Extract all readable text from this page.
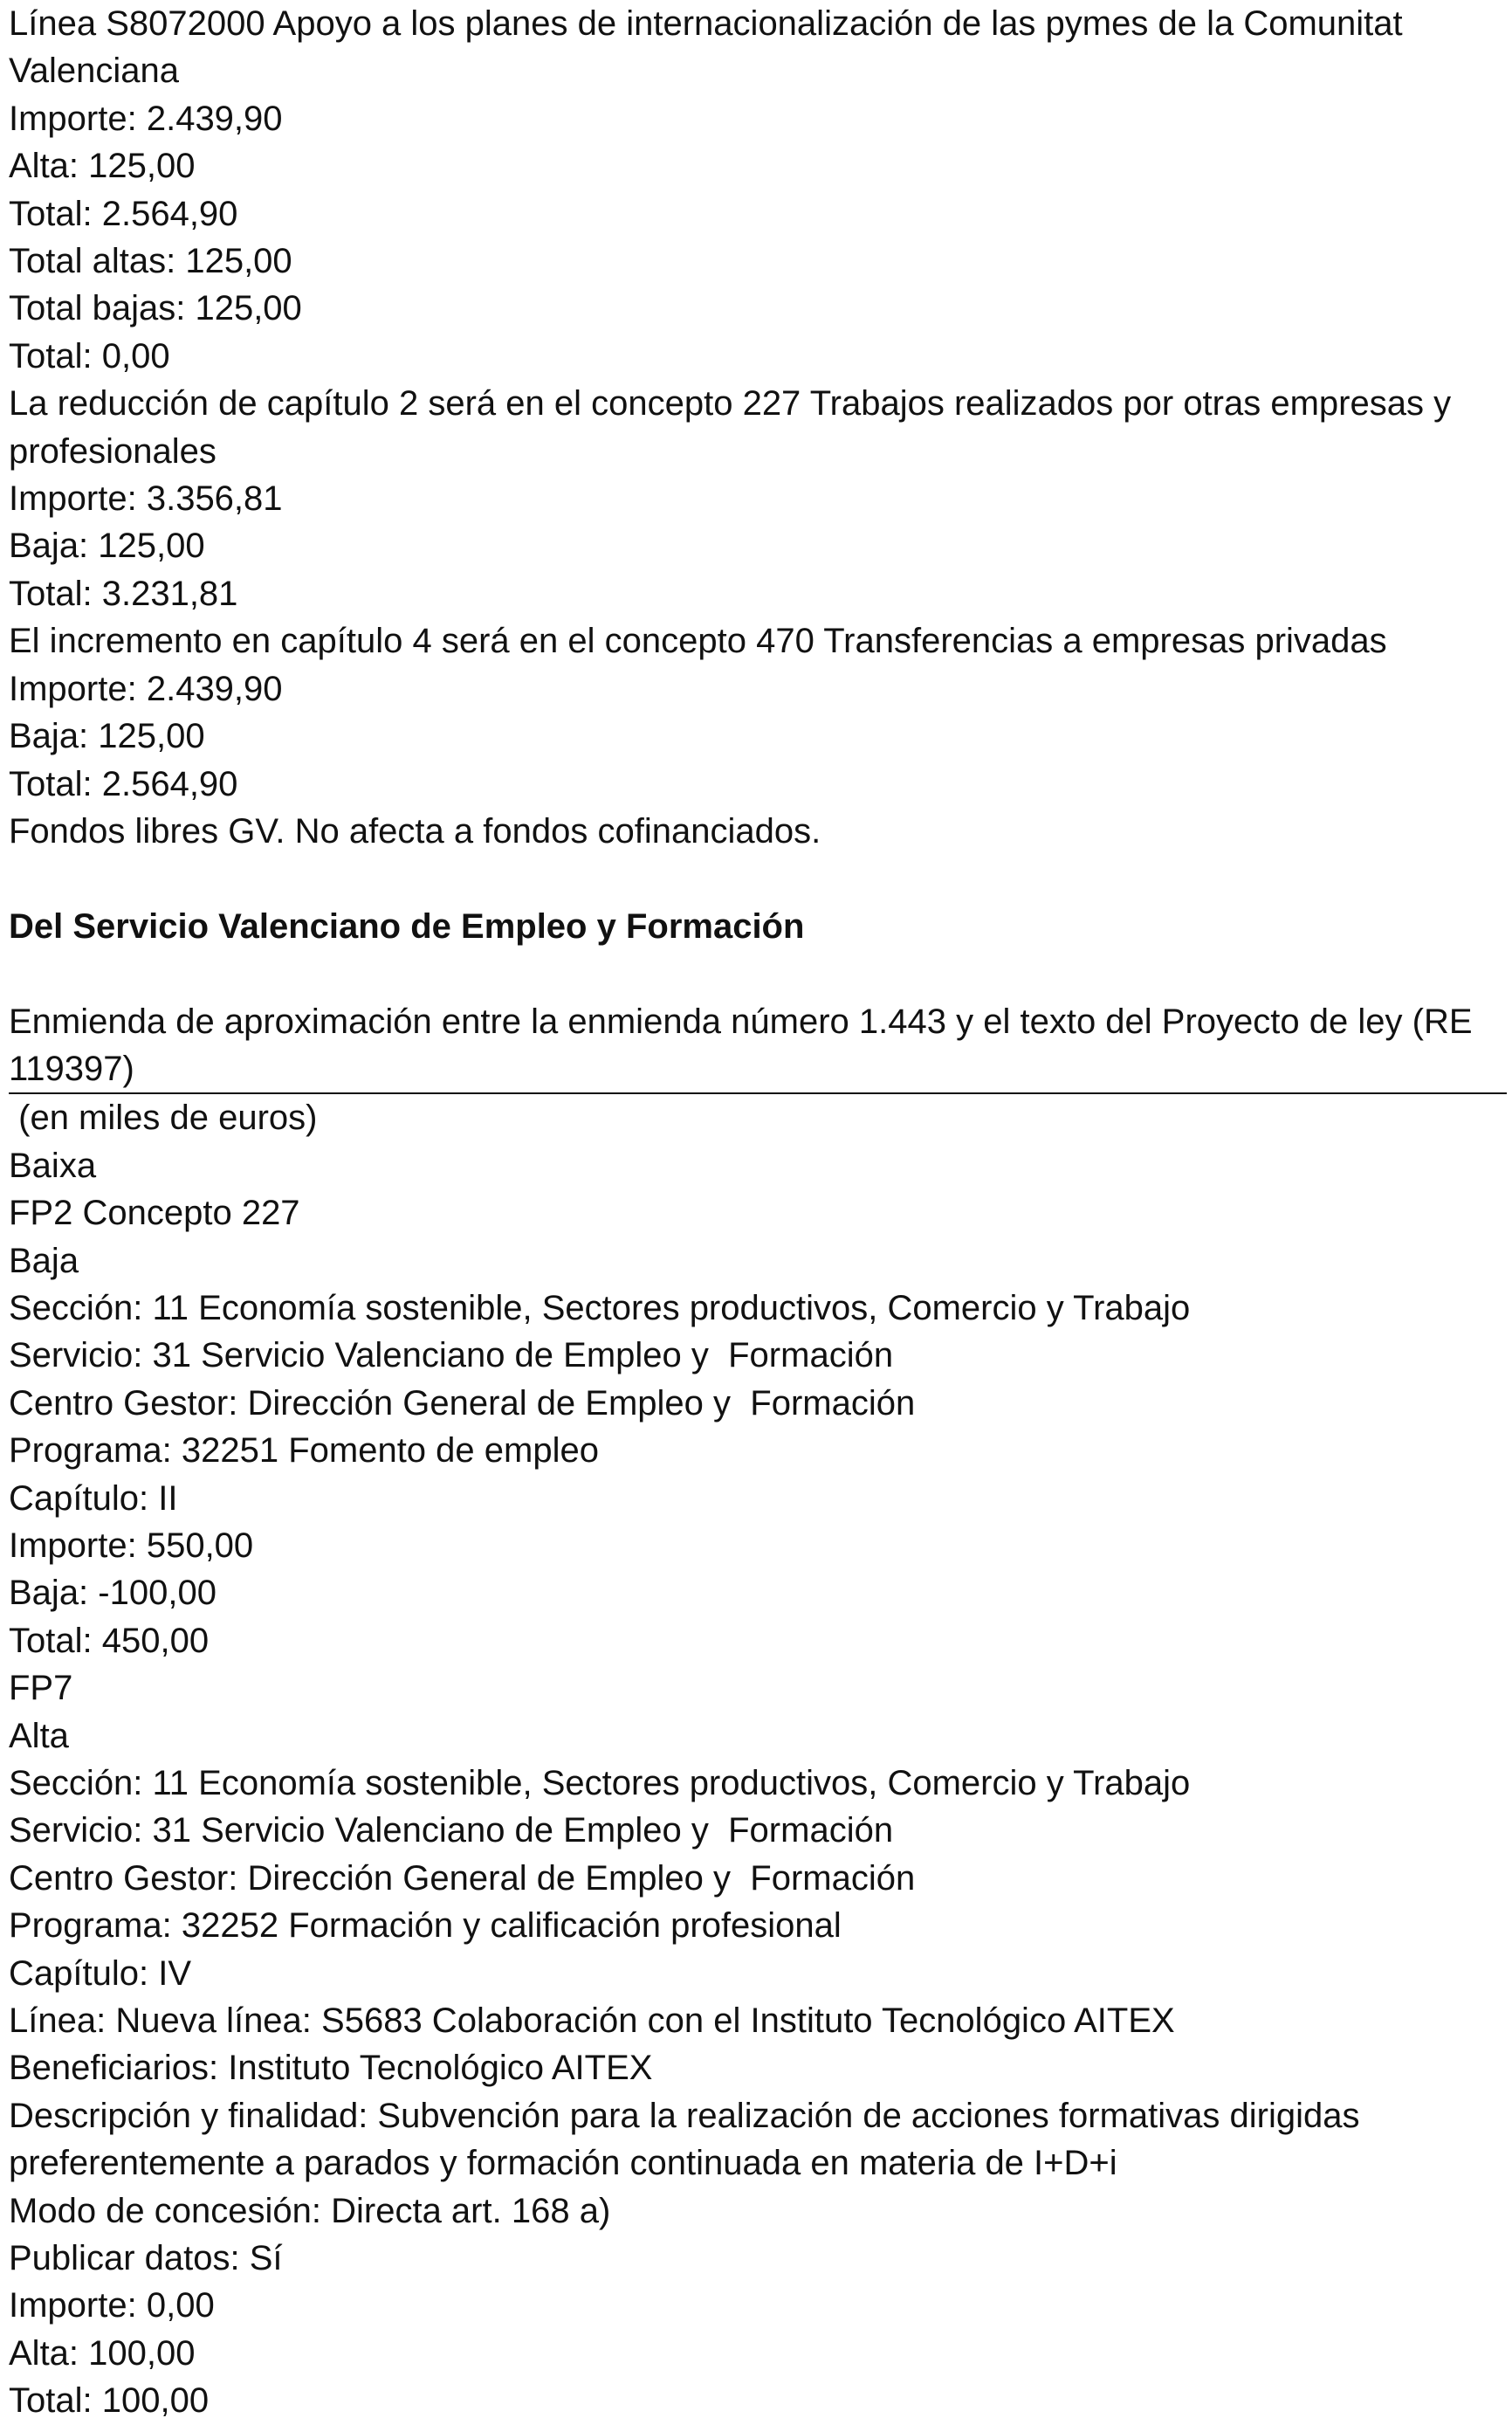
Línea S8072000 Apoyo a los planes de internacionalización de las pymes de la Comunitat Valenciana
Importe: 2.439,90
Alta: 125,00
Total: 2.564,90
Total altas: 125,00
Total bajas: 125,00
Total: 0,00
La reducción de capítulo 2 será en el concepto 227 Trabajos realizados por otras empresas y profesionales
Importe: 3.356,81
Baja: 125,00
Total: 3.231,81
El incremento en capítulo 4 será en el concepto 470 Transferencias a empresas privadas
Importe: 2.439,90
Baja: 125,00
Total: 2.564,90
Fondos libres GV. No afecta a fondos cofinanciados.
Del Servicio Valenciano de Empleo y Formación
Enmienda de aproximación entre la enmienda número 1.443 y el texto del Proyecto de ley (RE 119397)
(en miles de euros)
Baixa
FP2 Concepto 227
Baja
Sección: 11 Economía sostenible, Sectores productivos, Comercio y Trabajo
Servicio: 31 Servicio Valenciano de Empleo y  Formación
Centro Gestor: Dirección General de Empleo y  Formación
Programa: 32251 Fomento de empleo
Capítulo: II
Importe: 550,00
Baja: -100,00
Total: 450,00
FP7
Alta
Sección: 11 Economía sostenible, Sectores productivos, Comercio y Trabajo
Servicio: 31 Servicio Valenciano de Empleo y  Formación
Centro Gestor: Dirección General de Empleo y  Formación
Programa: 32252 Formación y calificación profesional
Capítulo: IV
Línea: Nueva línea: S5683 Colaboración con el Instituto Tecnológico AITEX
Beneficiarios: Instituto Tecnológico AITEX
Descripción y finalidad: Subvención para la realización de acciones formativas dirigidas preferentemente a parados y formación continuada en materia de I+D+i
Modo de concesión: Directa art. 168 a)
Publicar datos: Sí
Importe: 0,00
Alta: 100,00
Total: 100,00
